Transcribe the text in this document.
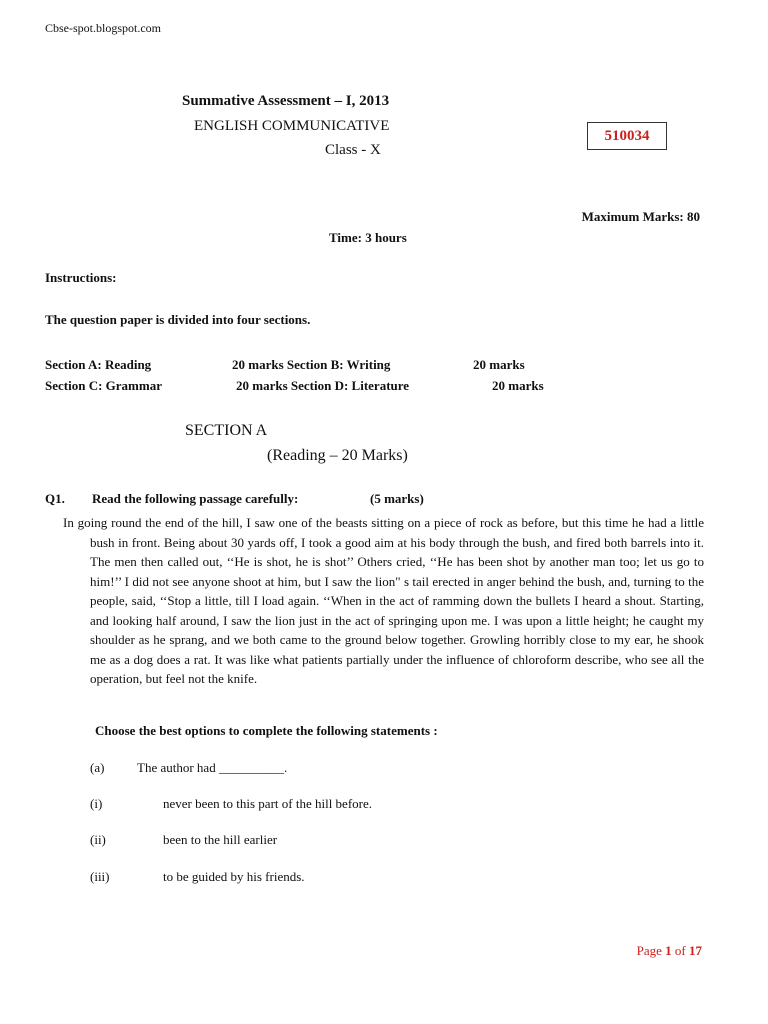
Cbse-spot.blogspot.com
Summative Assessment – I, 2013
ENGLISH COMMUNICATIVE
Class - X
510034
Maximum Marks: 80
Time: 3 hours
Instructions:
The question paper is divided into four sections.
Section A: Reading	20 marks Section B: Writing	20 marks
Section C: Grammar	20 marks Section D: Literature	20 marks
SECTION A
(Reading – 20 Marks)
Q1. Read the following passage carefully:	(5 marks)
In going round the end of the hill, I saw one of the beasts sitting on a piece of rock as before, but this time he had a little bush in front. Being about 30 yards off, I took a good aim at his body through the bush, and fired both barrels into it. The men then called out, ‘‘He is shot, he is shot’’ Others cried, ‘‘He has been shot by another man too; let us go to him!’’ I did not see anyone shoot at him, but I saw the lion" s tail erected in anger behind the bush, and, turning to the people, said, ‘‘Stop a little, till I load again. ‘‘When in the act of ramming down the bullets I heard a shout. Starting, and looking half around, I saw the lion just in the act of springing upon me. I was upon a little height; he caught my shoulder as he sprang, and we both came to the ground below together. Growling horribly close to my ear, he shook me as a dog does a rat. It was like what patients partially under the influence of chloroform describe, who see all the operation, but feel not the knife.
Choose the best options to complete the following statements :
(a)	The author had __________.
(i)	never been to this part of the hill before.
(ii)	been to the hill earlier
(iii)	to be guided by his friends.
Page 1 of 17
